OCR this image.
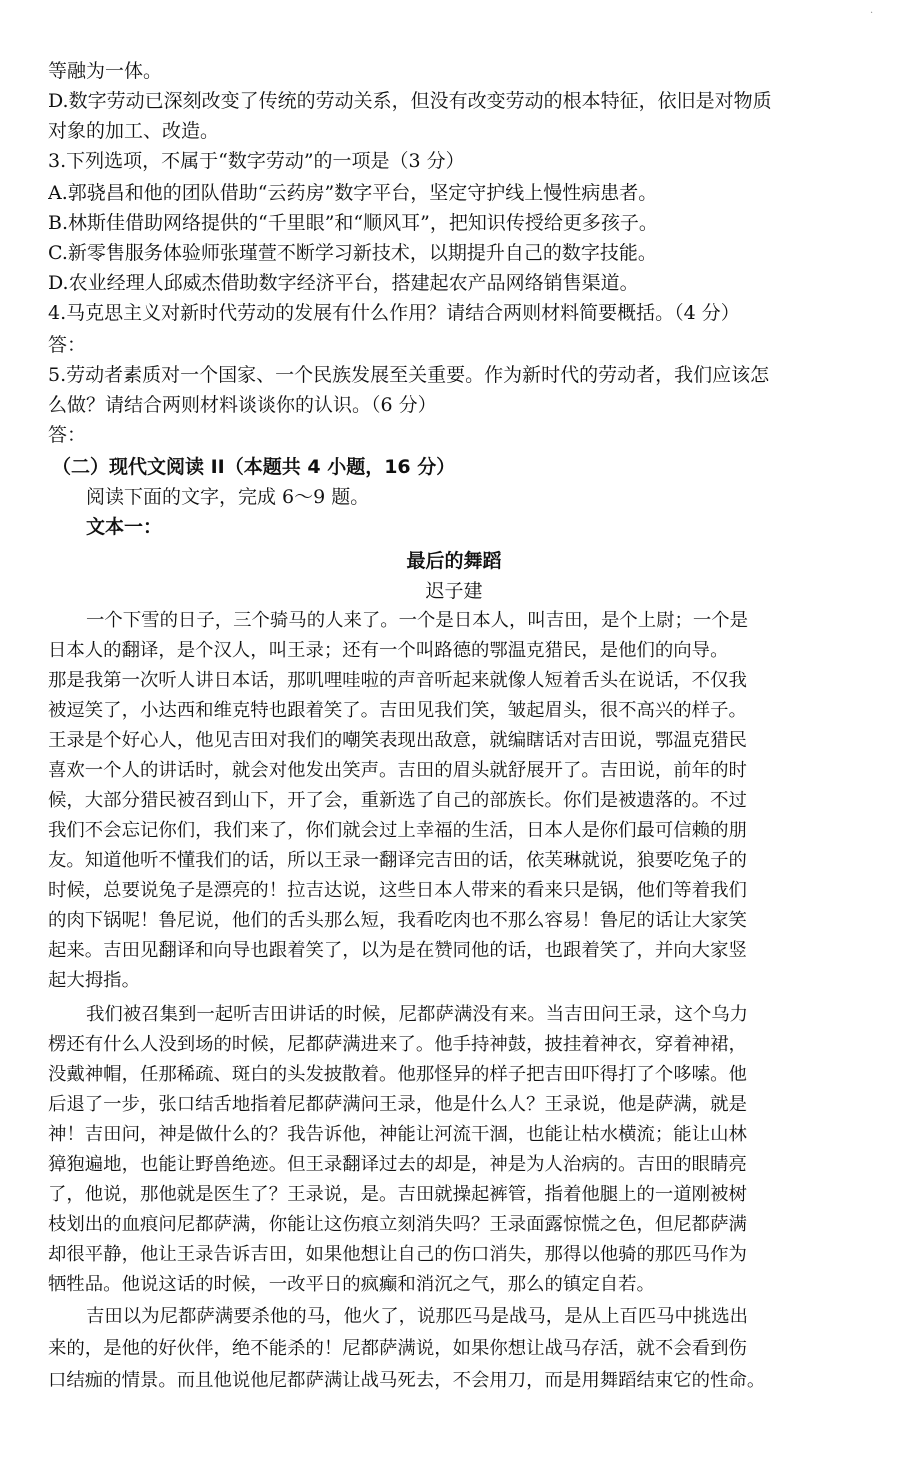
·
等融为一体。
D.数字劳动已深刻改变了传统的劳动关系，但没有改变劳动的根本特征，依旧是对物质
对象的加工、改造。
3.下列选项，不属于“数字劳动”的一项是（3 分）
A.郭骁昌和他的团队借助“云药房”数字平台，坚定守护线上慢性病患者。
B.林斯佳借助网络提供的“千里眼”和“顺风耳”，把知识传授给更多孩子。
C.新零售服务体验师张瑾萱不断学习新技术，以期提升自己的数字技能。
D.农业经理人邱威杰借助数字经济平台，搭建起农产品网络销售渠道。
4.马克思主义对新时代劳动的发展有什么作用？请结合两则材料简要概括。（4 分）
答：
5.劳动者素质对一个国家、一个民族发展至关重要。作为新时代的劳动者，我们应该怎
么做？请结合两则材料谈谈你的认识。（6 分）
答：
（二）现代文阅读 II（本题共 4 小题，16 分）
阅读下面的文字，完成 6～9 题。
文本一：
最后的舞蹈
迟子建
一个下雪的日子，三个骑马的人来了。一个是日本人，叫吉田，是个上尉；一个是
日本人的翻译，是个汉人，叫王录；还有一个叫路德的鄂温克猎民，是他们的向导。
那是我第一次听人讲日本话，那叽哩哇啦的声音听起来就像人短着舌头在说话，不仅我
被逗笑了，小达西和维克特也跟着笑了。吉田见我们笑，皱起眉头，很不高兴的样子。
王录是个好心人，他见吉田对我们的嘲笑表现出敌意，就编瞎话对吉田说，鄂温克猎民
喜欢一个人的讲话时，就会对他发出笑声。吉田的眉头就舒展开了。吉田说，前年的时
候，大部分猎民被召到山下，开了会，重新选了自己的部族长。你们是被遗落的。不过
我们不会忘记你们，我们来了，你们就会过上幸福的生活，日本人是你们最可信赖的朋
友。知道他听不懂我们的话，所以王录一翻译完吉田的话，依芙琳就说，狼要吃兔子的
时候，总要说兔子是漂亮的！拉吉达说，这些日本人带来的看来只是锅，他们等着我们
的肉下锅呢！鲁尼说，他们的舌头那么短，我看吃肉也不那么容易！鲁尼的话让大家笑
起来。吉田见翻译和向导也跟着笑了，以为是在赞同他的话，也跟着笑了，并向大家竖
起大拇指。
我们被召集到一起听吉田讲话的时候，尼都萨满没有来。当吉田问王录，这个乌力
楞还有什么人没到场的时候，尼都萨满进来了。他手持神鼓，披挂着神衣，穿着神裙，
没戴神帽，任那稀疏、斑白的头发披散着。他那怪异的样子把吉田吓得打了个哆嗦。他
后退了一步，张口结舌地指着尼都萨满问王录，他是什么人？王录说，他是萨满，就是
神！吉田问，神是做什么的？我告诉他，神能让河流干涸，也能让枯水横流；能让山林
獐狍遍地，也能让野兽绝迹。但王录翻译过去的却是，神是为人治病的。吉田的眼睛亮
了，他说，那他就是医生了？王录说，是。吉田就操起裤管，指着他腿上的一道刚被树
枝划出的血痕问尼都萨满，你能让这伤痕立刻消失吗？王录面露惊慌之色，但尼都萨满
却很平静，他让王录告诉吉田，如果他想让自己的伤口消失，那得以他骑的那匹马作为
牺牲品。他说这话的时候，一改平日的疯癫和消沉之气，那么的镇定自若。
吉田以为尼都萨满要杀他的马，他火了，说那匹马是战马，是从上百匹马中挑选出
来的，是他的好伙伴，绝不能杀的！尼都萨满说，如果你想让战马存活，就不会看到伤
口结痂的情景。而且他说他尼都萨满让战马死去，不会用刀，而是用舞蹈结束它的性命。
